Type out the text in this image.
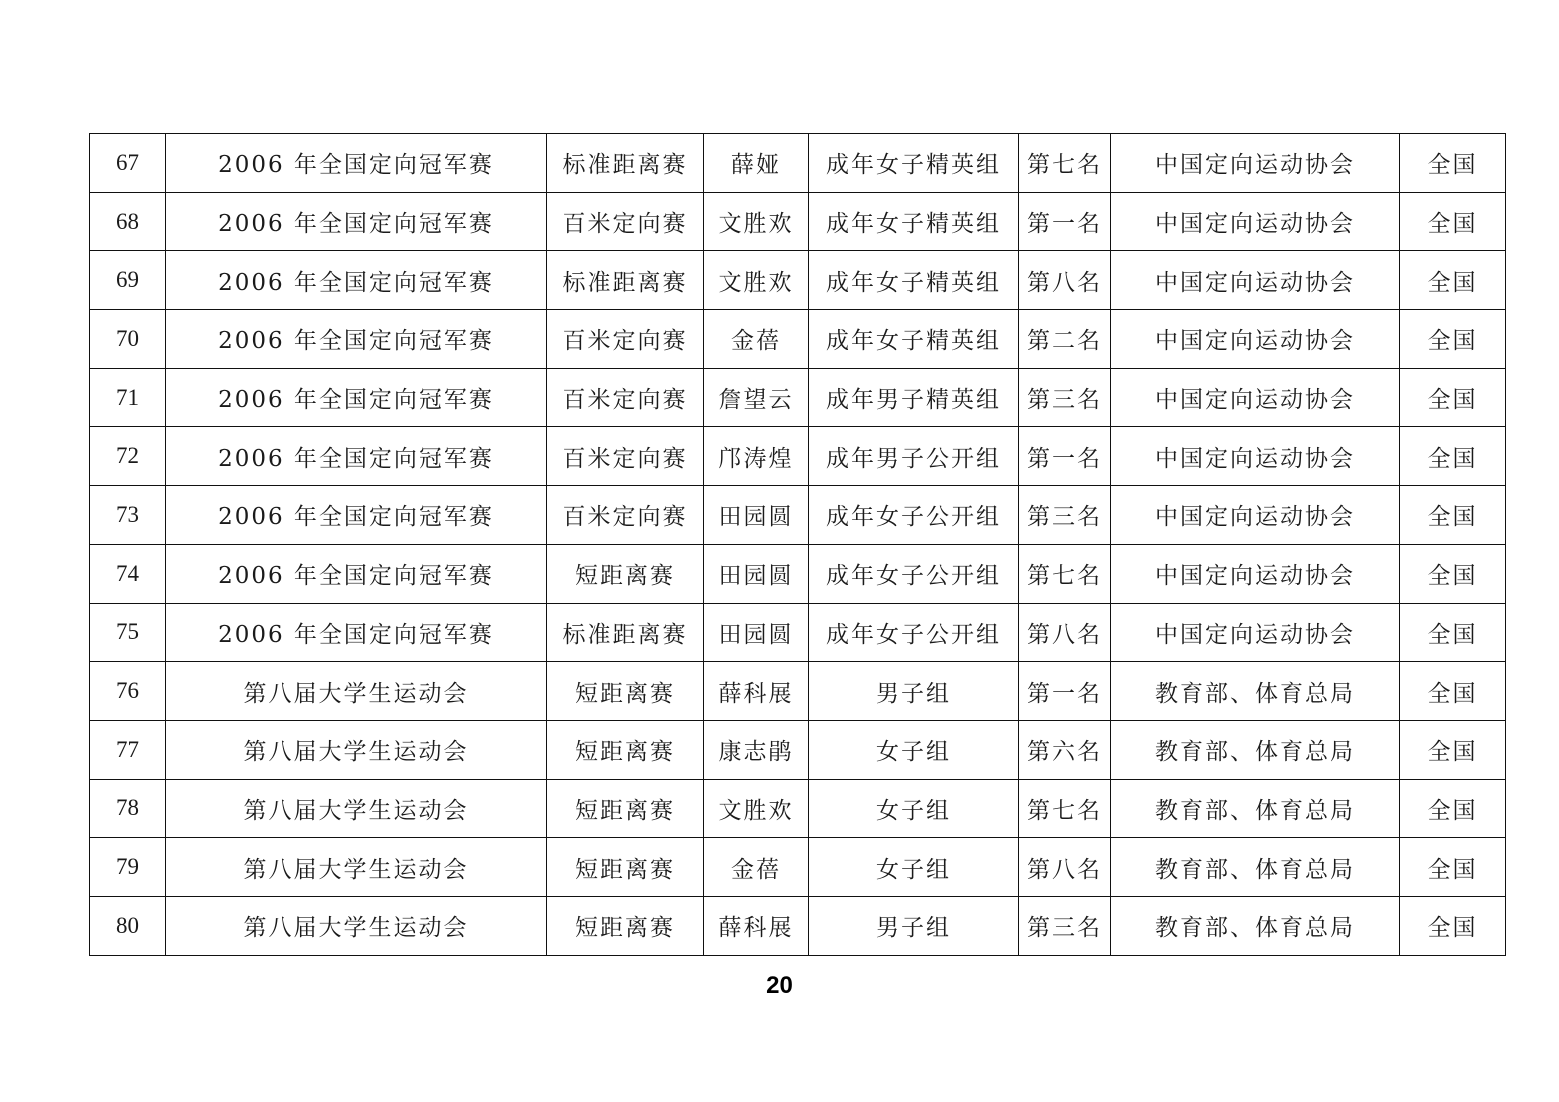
67	2006 年全国定向冠军赛	标准距离赛	薛娅	成年女子精英组	第七名	中国定向运动协会	全国
68	2006 年全国定向冠军赛	百米定向赛	文胜欢	成年女子精英组	第一名	中国定向运动协会	全国
69	2006 年全国定向冠军赛	标准距离赛	文胜欢	成年女子精英组	第八名	中国定向运动协会	全国
70	2006 年全国定向冠军赛	百米定向赛	金蓓	成年女子精英组	第二名	中国定向运动协会	全国
71	2006 年全国定向冠军赛	百米定向赛	詹望云	成年男子精英组	第三名	中国定向运动协会	全国
72	2006 年全国定向冠军赛	百米定向赛	邝涛煌	成年男子公开组	第一名	中国定向运动协会	全国
73	2006 年全国定向冠军赛	百米定向赛	田园圆	成年女子公开组	第三名	中国定向运动协会	全国
74	2006 年全国定向冠军赛	短距离赛	田园圆	成年女子公开组	第七名	中国定向运动协会	全国
75	2006 年全国定向冠军赛	标准距离赛	田园圆	成年女子公开组	第八名	中国定向运动协会	全国
76	第八届大学生运动会	短距离赛	薛科展	男子组	第一名	教育部、体育总局	全国
77	第八届大学生运动会	短距离赛	康志鹃	女子组	第六名	教育部、体育总局	全国
78	第八届大学生运动会	短距离赛	文胜欢	女子组	第七名	教育部、体育总局	全国
79	第八届大学生运动会	短距离赛	金蓓	女子组	第八名	教育部、体育总局	全国
80	第八届大学生运动会	短距离赛	薛科展	男子组	第三名	教育部、体育总局	全国
20
